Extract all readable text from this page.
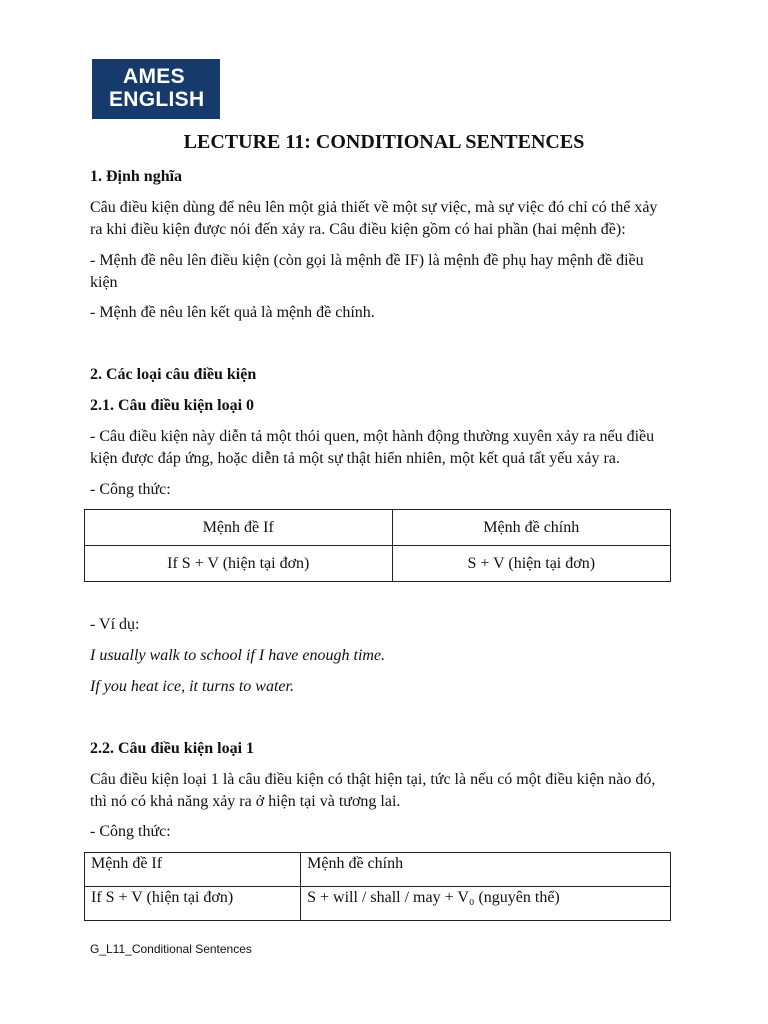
AMES
ENGLISH
LECTURE 11: CONDITIONAL SENTENCES

1. Định nghĩa

Câu điều kiện dùng để nêu lên một giả thiết về một sự việc, mà sự việc đó chỉ có thể xảy

ra khi điều kiện được nói đến xảy ra. Câu điều kiện gồm có hai phần (hai mệnh đề):

- Mệnh đề nêu lên điều kiện (còn gọi là mệnh đề IF) là mệnh đề phụ hay mệnh đề điều

kiện

- Mệnh đề nêu lên kết quả là mệnh đề chính.

2. Các loại câu điều kiện

2.1. Câu điều kiện loại 0

- Câu điều kiện này diễn tả một thói quen, một hành động thường xuyên xảy ra nếu điều

kiện được đáp ứng, hoặc diễn tả một sự thật hiển nhiên, một kết quả tất yếu xảy ra.

- Công thức:

Mệnh đề If	Mệnh đề chính
If S + V (hiện tại đơn)	S + V (hiện tại đơn)

- Ví dụ:

I usually walk to school if I have enough time.

If you heat ice, it turns to water.

2.2. Câu điều kiện loại 1

Câu điều kiện loại 1 là câu điều kiện có thật hiện tại, tức là nếu có một điều kiện nào đó,

thì nó có khả năng xảy ra ở hiện tại và tương lai.

- Công thức:

Mệnh đề If	Mệnh đề chính
If S + V (hiện tại đơn)	S + will / shall / may + V₀ (nguyên thể)
G_L11_Conditional Sentences
